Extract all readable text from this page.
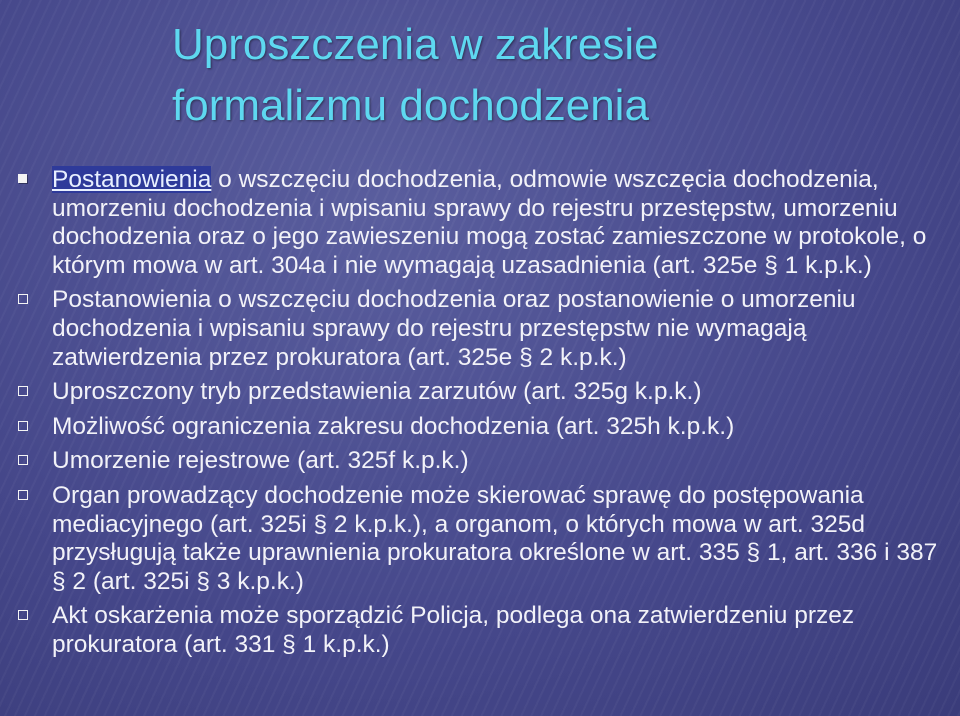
Uproszczenia w zakresie
formalizmu dochodzenia
Postanowienia o wszczęciu dochodzenia, odmowie wszczęcia dochodzenia, umorzeniu dochodzenia i wpisaniu sprawy do rejestru przestępstw, umorzeniu dochodzenia oraz o jego zawieszeniu mogą zostać zamieszczone w protokole, o którym mowa w art. 304a i nie wymagają uzasadnienia (art. 325e § 1 k.p.k.)
Postanowienia o wszczęciu dochodzenia oraz postanowienie o umorzeniu dochodzenia i wpisaniu sprawy do rejestru przestępstw nie wymagają zatwierdzenia przez prokuratora (art. 325e § 2 k.p.k.)
Uproszczony tryb przedstawienia zarzutów (art. 325g k.p.k.)
Możliwość ograniczenia zakresu dochodzenia (art. 325h k.p.k.)
Umorzenie rejestrowe (art. 325f k.p.k.)
Organ prowadzący dochodzenie może skierować sprawę do postępowania mediacyjnego (art. 325i § 2 k.p.k.), a organom, o których mowa w art. 325d przysługują także uprawnienia prokuratora określone w art. 335 § 1, art. 336 i 387 § 2 (art. 325i § 3 k.p.k.)
Akt oskarżenia może sporządzić Policja, podlega ona zatwierdzeniu przez prokuratora (art. 331 § 1 k.p.k.)
